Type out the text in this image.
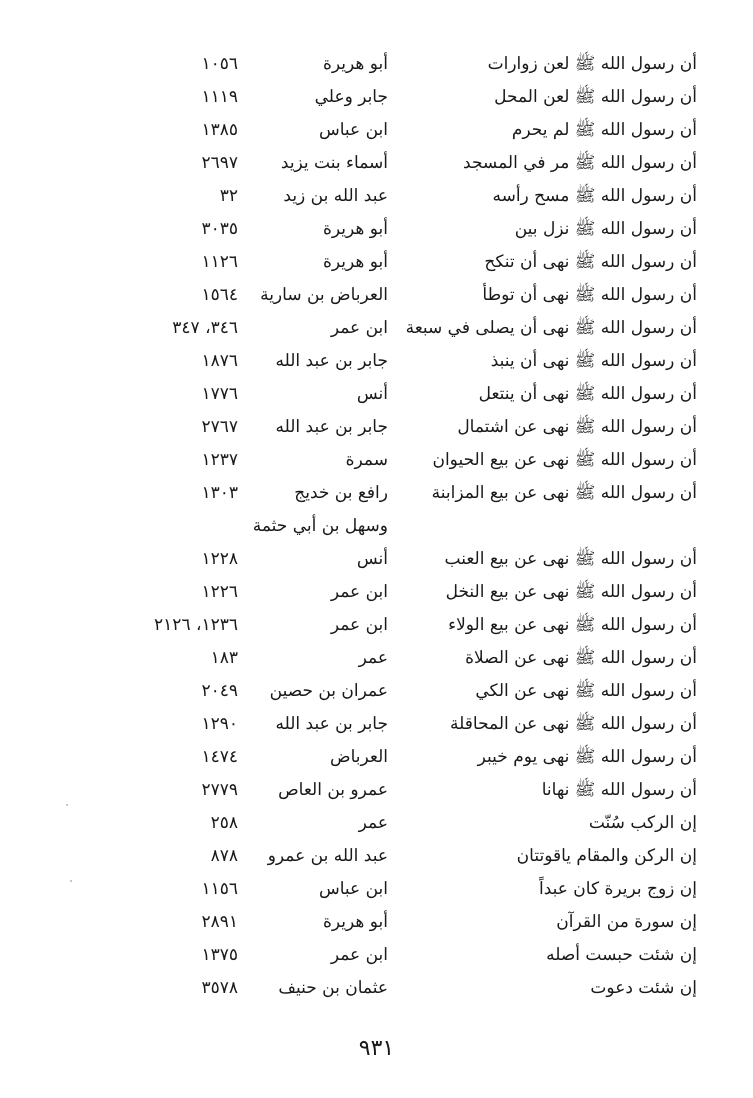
أن رسول الله ﷺ لعن زوارات
أبو هريرة
١٠٥٦
أن رسول الله ﷺ لعن المحل
جابر وعلي
١١١٩
أن رسول الله ﷺ لم يحرم
ابن عباس
١٣٨٥
أن رسول الله ﷺ مر في المسجد
أسماء بنت يزيد
٢٦٩٧
أن رسول الله ﷺ مسح رأسه
عبد الله بن زيد
٣٢
أن رسول الله ﷺ نزل بين
أبو هريرة
٣٠٣٥
أن رسول الله ﷺ نهى أن تنكح
أبو هريرة
١١٢٦
أن رسول الله ﷺ نهى أن توطأ
العرباض بن سارية
١٥٦٤
أن رسول الله ﷺ نهى أن يصلى في سبعة
ابن عمر
٣٤٦، ٣٤٧
أن رسول الله ﷺ نهى أن ينبذ
جابر بن عبد الله
١٨٧٦
أن رسول الله ﷺ نهى أن ينتعل
أنس
١٧٧٦
أن رسول الله ﷺ نهى عن اشتمال
جابر بن عبد الله
٢٧٦٧
أن رسول الله ﷺ نهى عن بيع الحيوان
سمرة
١٢٣٧
أن رسول الله ﷺ نهى عن بيع المزابنة
رافع بن خديج
١٣٠٣
وسهل بن أبي حثمة
أن رسول الله ﷺ نهى عن بيع العنب
أنس
١٢٢٨
أن رسول الله ﷺ نهى عن بيع النخل
ابن عمر
١٢٢٦
أن رسول الله ﷺ نهى عن بيع الولاء
ابن عمر
١٢٣٦، ٢١٢٦
أن رسول الله ﷺ نهى عن الصلاة
عمر
١٨٣
أن رسول الله ﷺ نهى عن الكي
عمران بن حصين
٢٠٤٩
أن رسول الله ﷺ نهى عن المحاقلة
جابر بن عبد الله
١٢٩٠
أن رسول الله ﷺ نهى يوم خيبر
العرباض
١٤٧٤
أن رسول الله ﷺ نهانا
عمرو بن العاص
٢٧٧٩
إن الركب سُنّت
عمر
٢٥٨
إن الركن والمقام ياقوتتان
عبد الله بن عمرو
٨٧٨
إن زوج بريرة كان عبداً
ابن عباس
١١٥٦
إن سورة من القرآن
أبو هريرة
٢٨٩١
إن شئت حبست أصله
ابن عمر
١٣٧٥
إن شئت دعوت
عثمان بن حنيف
٣٥٧٨
٩٣١
